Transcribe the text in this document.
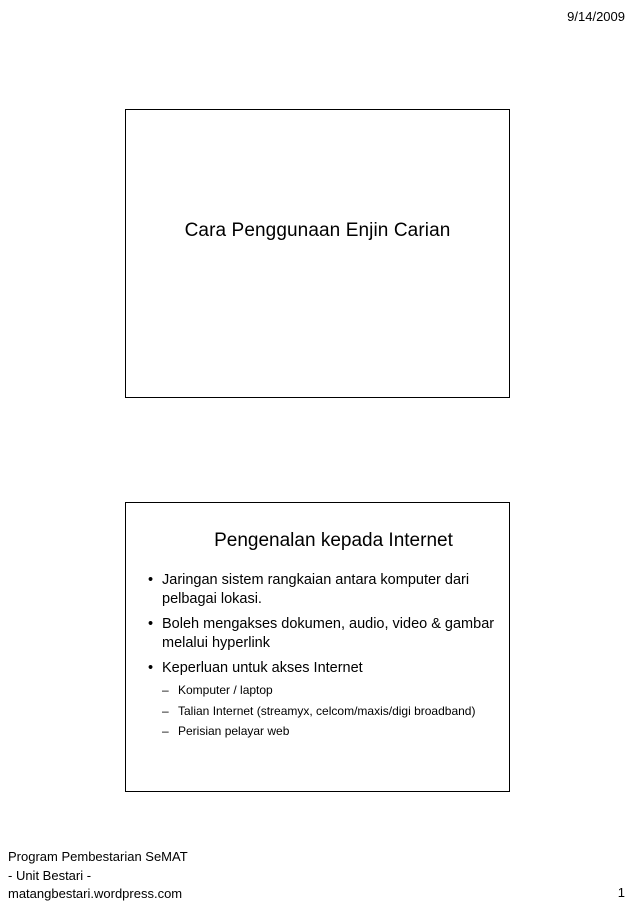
9/14/2009
Cara Penggunaan Enjin Carian
Pengenalan kepada Internet
• Jaringan sistem rangkaian antara komputer dari pelbagai lokasi.
• Boleh mengakses dokumen, audio, video & gambar melalui hyperlink
• Keperluan untuk akses Internet
– Komputer / laptop
– Talian Internet (streamyx, celcom/maxis/digi broadband)
– Perisian pelayar web
Program Pembestarian SeMAT
- Unit Bestari -
matangbestari.wordpress.com	1
